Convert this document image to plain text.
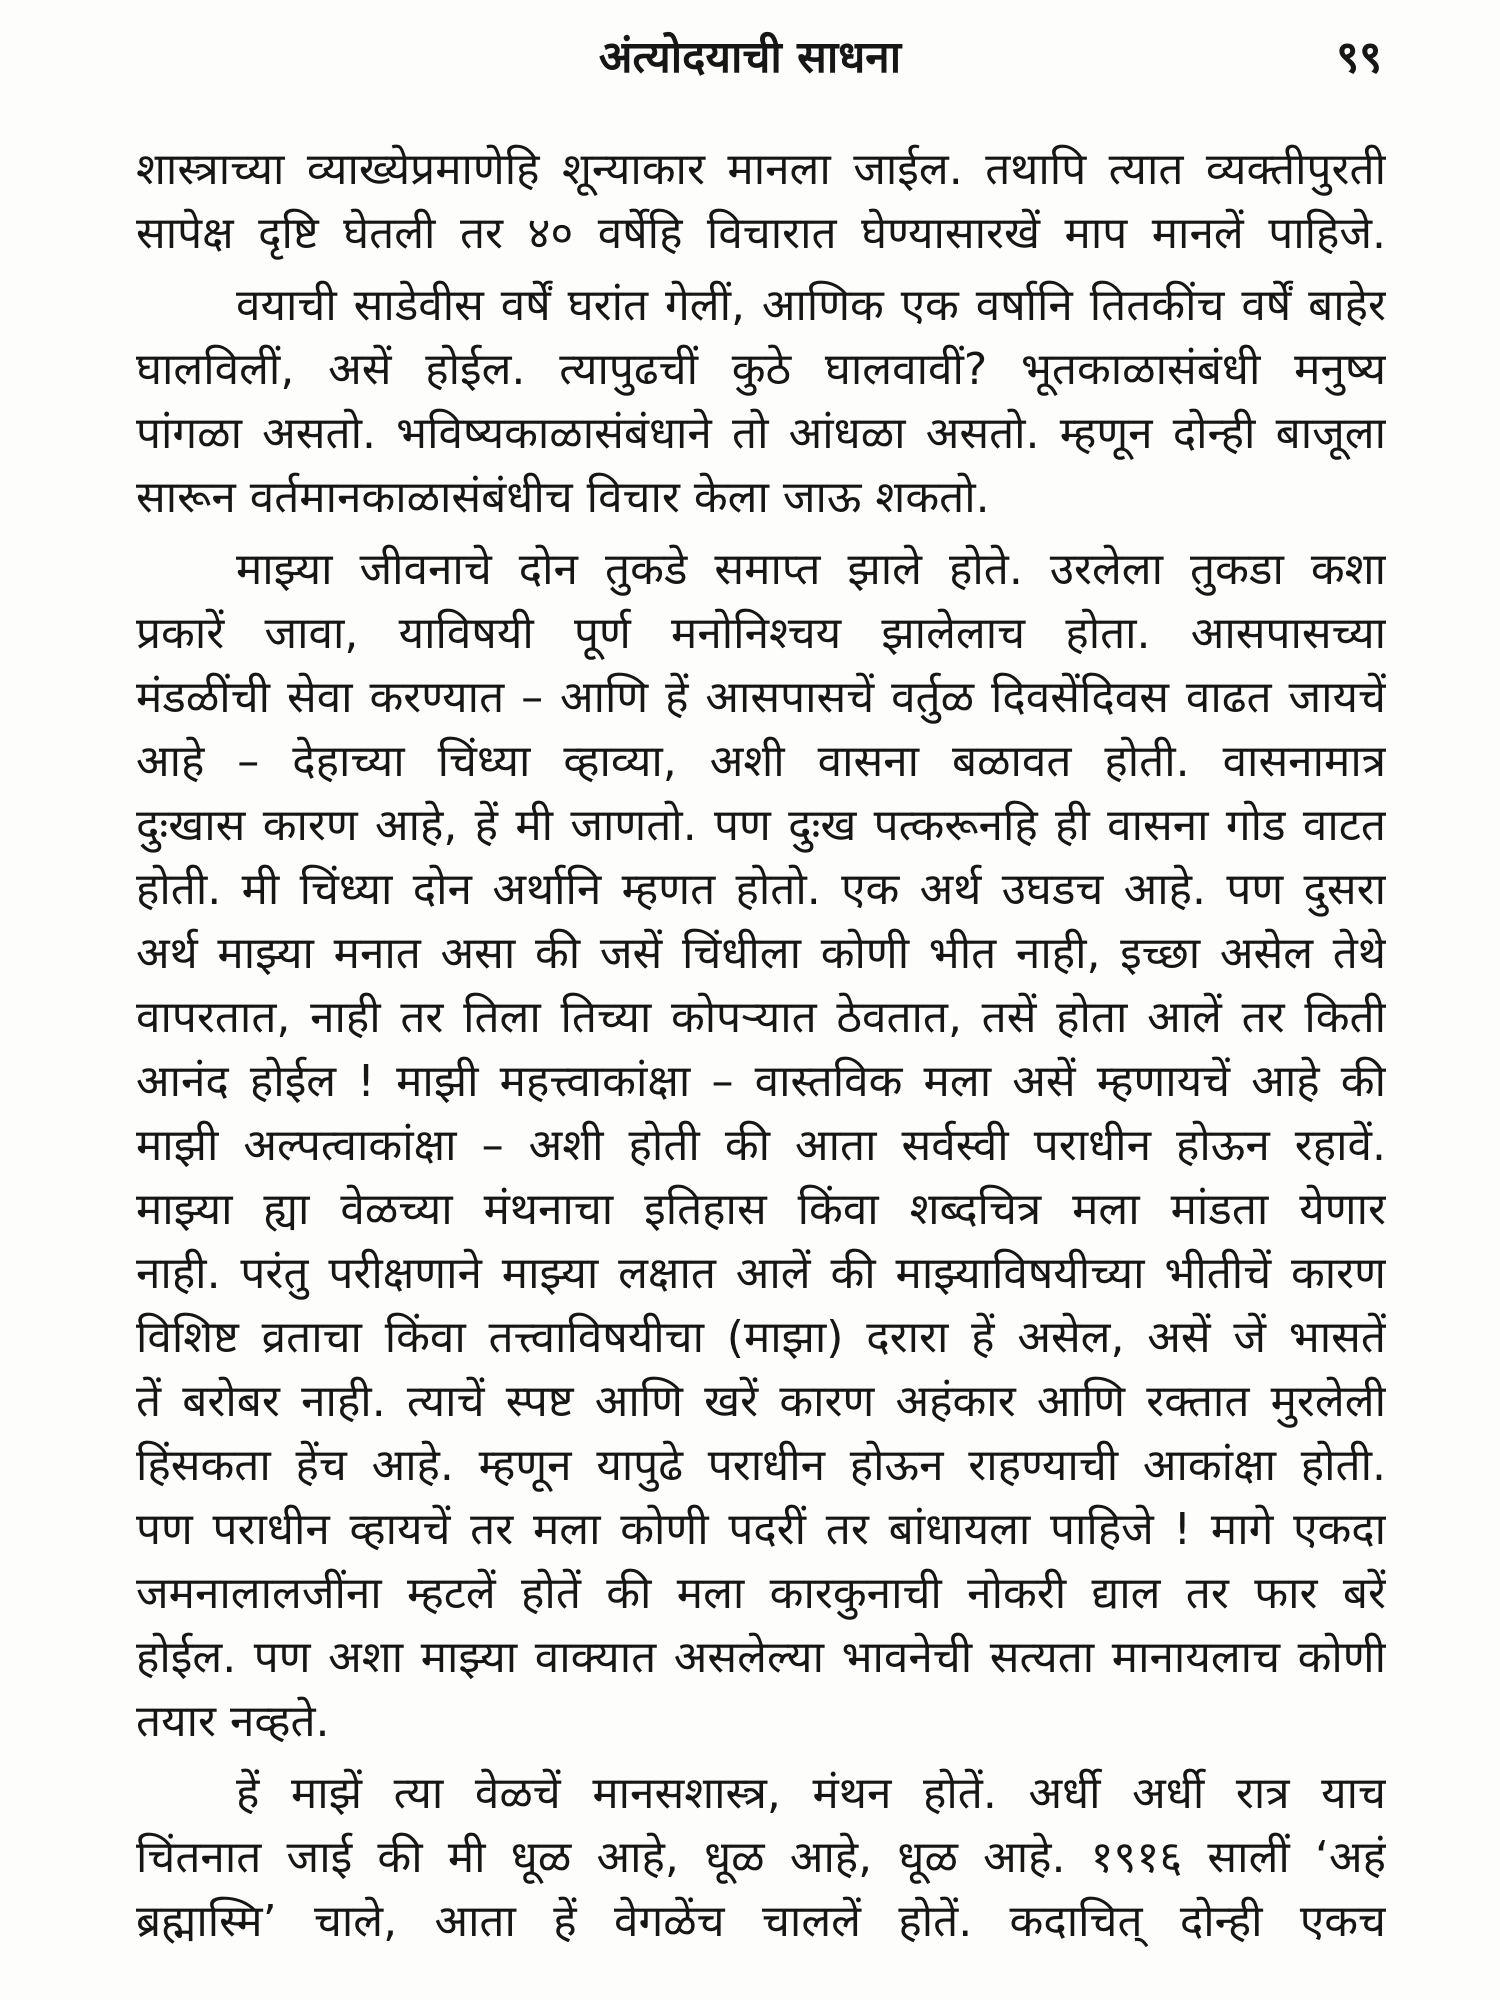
अंत्योदयाची साधना	९९
शास्त्राच्या व्याख्येप्रमाणेहि शून्याकार मानला जाईल. तथापि त्यात व्यक्तीपुरती
सापेक्ष दृष्टि घेतली तर ४० वर्षेहि विचारात घेण्यासारखें माप मानलें पाहिजे.
वयाची साडेवीस वर्षें घरांत गेलीं, आणिक एक वर्षानि तितकींच वर्षें बाहेर
घालविलीं, असें होईल. त्यापुढचीं कुठे घालवावीं? भूतकाळासंबंधी मनुष्य
पांगळा असतो. भविष्यकाळासंबंधाने तो आंधळा असतो. म्हणून दोन्ही बाजूला
सारून वर्तमानकाळासंबंधीच विचार केला जाऊ शकतो.
माझ्या जीवनाचे दोन तुकडे समाप्त झाले होते. उरलेला तुकडा कशा
प्रकारें जावा, याविषयी पूर्ण मनोनिश्चय झालेलाच होता. आसपासच्या
मंडळींची सेवा करण्यात – आणि हें आसपासचें वर्तुळ दिवसेंदिवस वाढत जायचें
आहे – देहाच्या चिंध्या व्हाव्या, अशी वासना बळावत होती. वासनामात्र
दुःखास कारण आहे, हें मी जाणतो. पण दुःख पत्करूनहि ही वासना गोड वाटत
होती. मी चिंध्या दोन अर्थानि म्हणत होतो. एक अर्थ उघडच आहे. पण दुसरा
अर्थ माझ्या मनात असा की जसें चिंधीला कोणी भीत नाही, इच्छा असेल तेथे
वापरतात, नाही तर तिला तिच्या कोपऱ्यात ठेवतात, तसें होता आलें तर किती
आनंद होईल ! माझी महत्त्वाकांक्षा – वास्तविक मला असें म्हणायचें आहे की
माझी अल्पत्वाकांक्षा – अशी होती की आता सर्वस्वी पराधीन होऊन रहावें.
माझ्या ह्या वेळच्या मंथनाचा इतिहास किंवा शब्दचित्र मला मांडता येणार
नाही. परंतु परीक्षणाने माझ्या लक्षात आलें की माझ्याविषयीच्या भीतीचें कारण
विशिष्ट व्रताचा किंवा तत्त्वाविषयीचा (माझा) दरारा हें असेल, असें जें भासतें
तें बरोबर नाही. त्याचें स्पष्ट आणि खरें कारण अहंकार आणि रक्तात मुरलेली
हिंसकता हेंच आहे. म्हणून यापुढे पराधीन होऊन राहण्याची आकांक्षा होती.
पण पराधीन व्हायचें तर मला कोणी पदरीं तर बांधायला पाहिजे ! मागे एकदा
जमनालालजींना म्हटलें होतें की मला कारकुनाची नोकरी द्याल तर फार बरें
होईल. पण अशा माझ्या वाक्यात असलेल्या भावनेची सत्यता मानायलाच कोणी
तयार नव्हते.
हें माझें त्या वेळचें मानसशास्त्र, मंथन होतें. अर्धी अर्धी रात्र याच
चिंतनात जाई की मी धूळ आहे, धूळ आहे, धूळ आहे. १९१६ सालीं ‘अहं
ब्रह्मास्मि’ चाले, आता हें वेगळेंच चाललें होतें. कदाचित् दोन्ही एकच
